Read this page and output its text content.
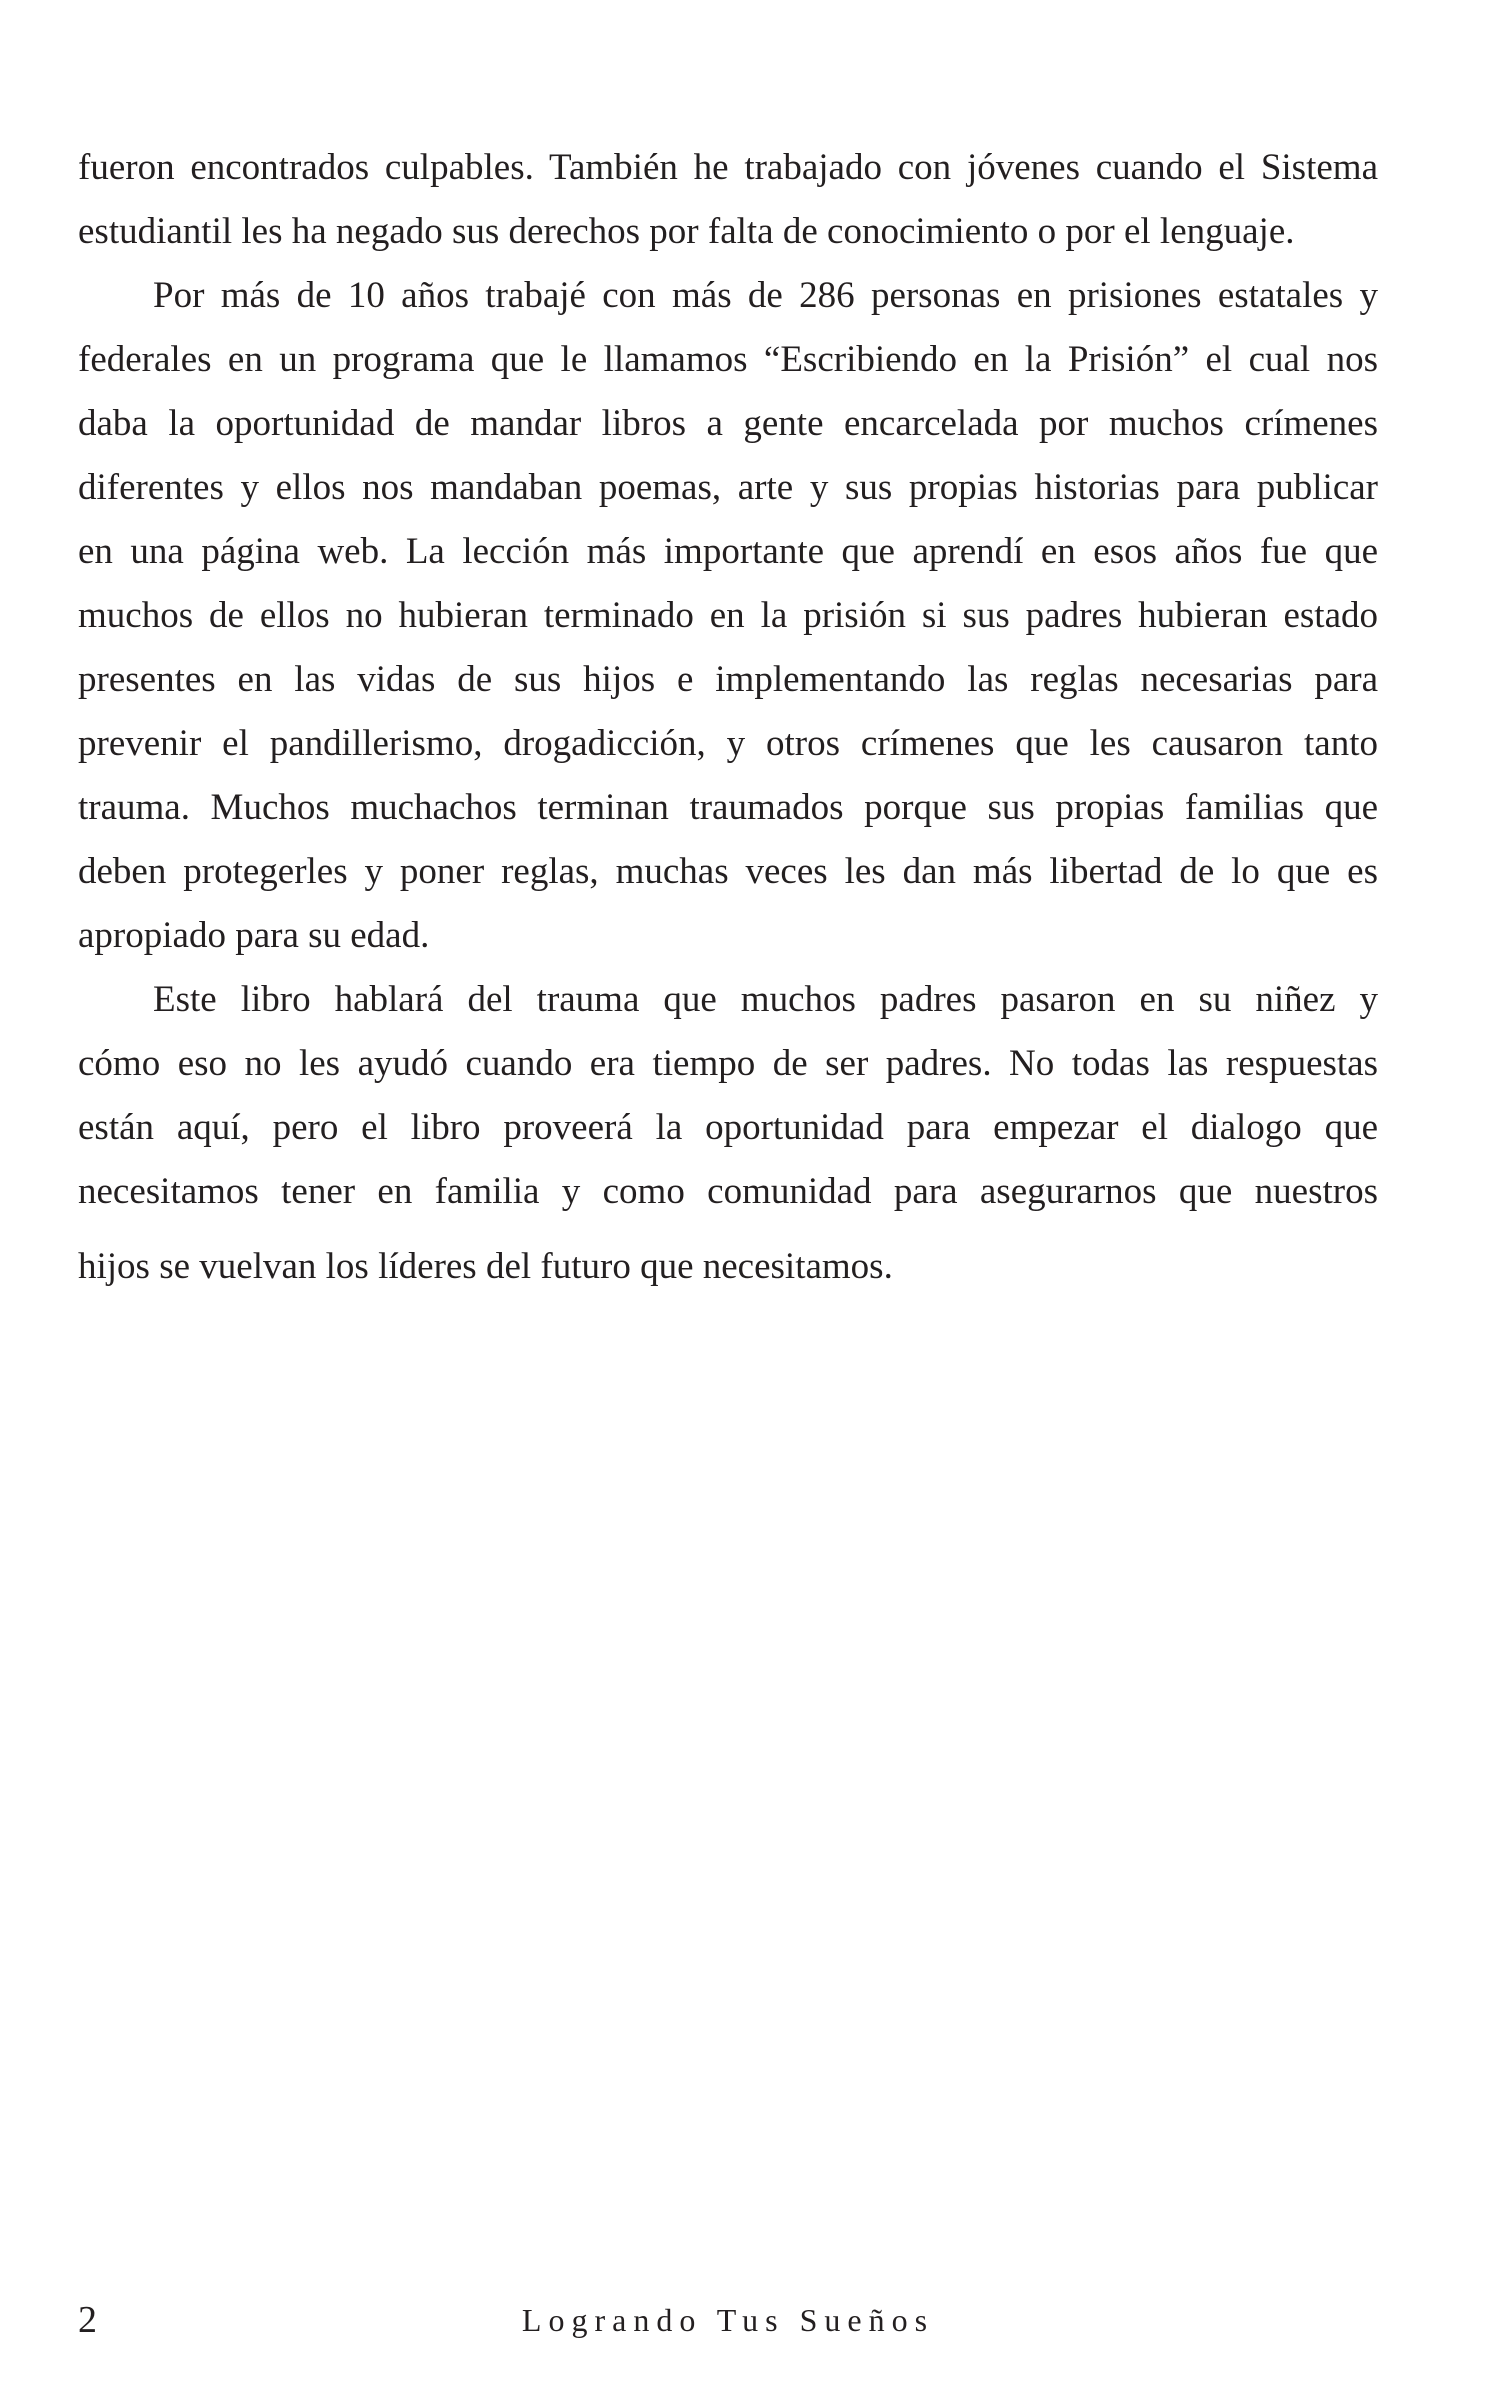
fueron encontrados culpables. También he trabajado con jóvenes cuando el Sistema
estudiantil les ha negado sus derechos por falta de conocimiento o por el lenguaje.
Por más de 10 años trabajé con más de 286 personas en prisiones estatales y
federales en un programa que le llamamos “Escribiendo en la Prisión” el cual nos
daba la oportunidad de mandar libros a gente encarcelada por muchos crímenes
diferentes y ellos nos mandaban poemas, arte y sus propias historias para publicar
en una página web. La lección más importante que aprendí en esos años fue que
muchos de ellos no hubieran terminado en la prisión si sus padres hubieran estado
presentes en las vidas de sus hijos e implementando las reglas necesarias para
prevenir el pandillerismo, drogadicción, y otros crímenes que les causaron tanto
trauma. Muchos muchachos terminan traumados porque sus propias familias que
deben protegerles y poner reglas, muchas veces les dan más libertad de lo que es
apropiado para su edad.
Este libro hablará del trauma que muchos padres pasaron en su niñez y
cómo eso no les ayudó cuando era tiempo de ser padres. No todas las respuestas
están aquí, pero el libro proveerá la oportunidad para empezar el dialogo que
necesitamos tener en familia y como comunidad para asegurarnos que nuestros
hijos se vuelvan los líderes del futuro que necesitamos.
2	Logrando Tus Sueños
